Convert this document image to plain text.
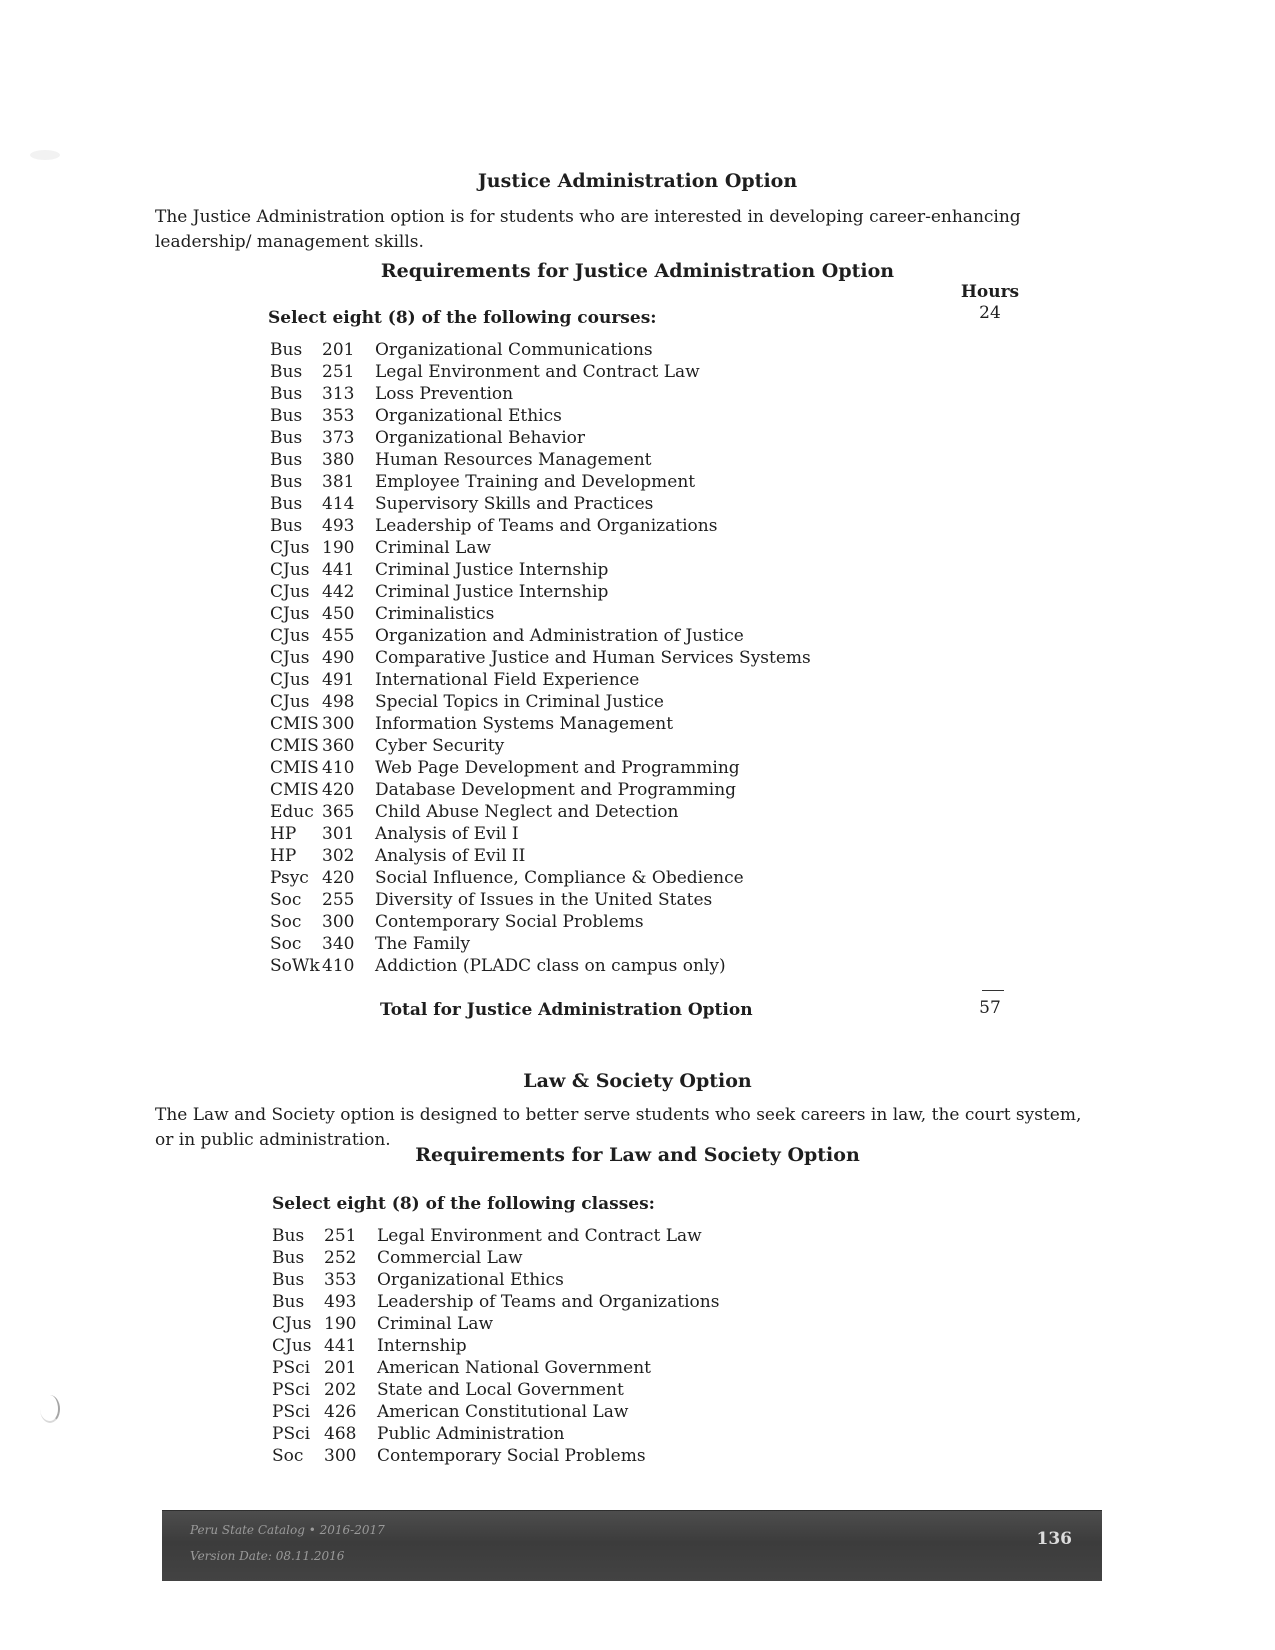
Justice Administration Option

The Justice Administration option is for students who are interested in developing career-enhancing leadership/ management skills.

Requirements for Justice Administration Option
Hours
24

Select eight (8) of the following courses:

Bus	201	Organizational Communications
Bus	251	Legal Environment and Contract Law
Bus	313	Loss Prevention
Bus	353	Organizational Ethics
Bus	373	Organizational Behavior
Bus	380	Human Resources Management
Bus	381	Employee Training and Development
Bus	414	Supervisory Skills and Practices
Bus	493	Leadership of Teams and Organizations
CJus 190	Criminal Law
CJus 441	Criminal Justice Internship
CJus 442	Criminal Justice Internship
CJus 450	Criminalistics
CJus 455	Organization and Administration of Justice
CJus 490	Comparative Justice and Human Services Systems
CJus 491	International Field Experience
CJus 498	Special Topics in Criminal Justice
CMIS 300	Information Systems Management
CMIS 360	Cyber Security
CMIS 410	Web Page Development and Programming
CMIS 420	Database Development and Programming
Educ 365	Child Abuse Neglect and Detection
HP	301	Analysis of Evil I
HP	302	Analysis of Evil II
Psyc 420	Social Influence, Compliance & Obedience
Soc	255	Diversity of Issues in the United States
Soc	300	Contemporary Social Problems
Soc	340	The Family
SoWk 410	Addiction (PLADC class on campus only)
Total for Justice Administration Option	57
Law & Society Option

The Law and Society option is designed to better serve students who seek careers in law, the court system, or in public administration.

Requirements for Law and Society Option

Select eight (8) of the following classes:

Bus	251	Legal Environment and Contract Law
Bus	252	Commercial Law
Bus	353	Organizational Ethics
Bus	493	Leadership of Teams and Organizations
CJus 190	Criminal Law
CJus 441	Internship
PSci 201	American National Government
PSci 202	State and Local Government
PSci 426	American Constitutional Law
PSci 468	Public Administration
Soc	300	Contemporary Social Problems
Peru State Catalog • 2016-2017
Version Date: 08.11.2016
136
